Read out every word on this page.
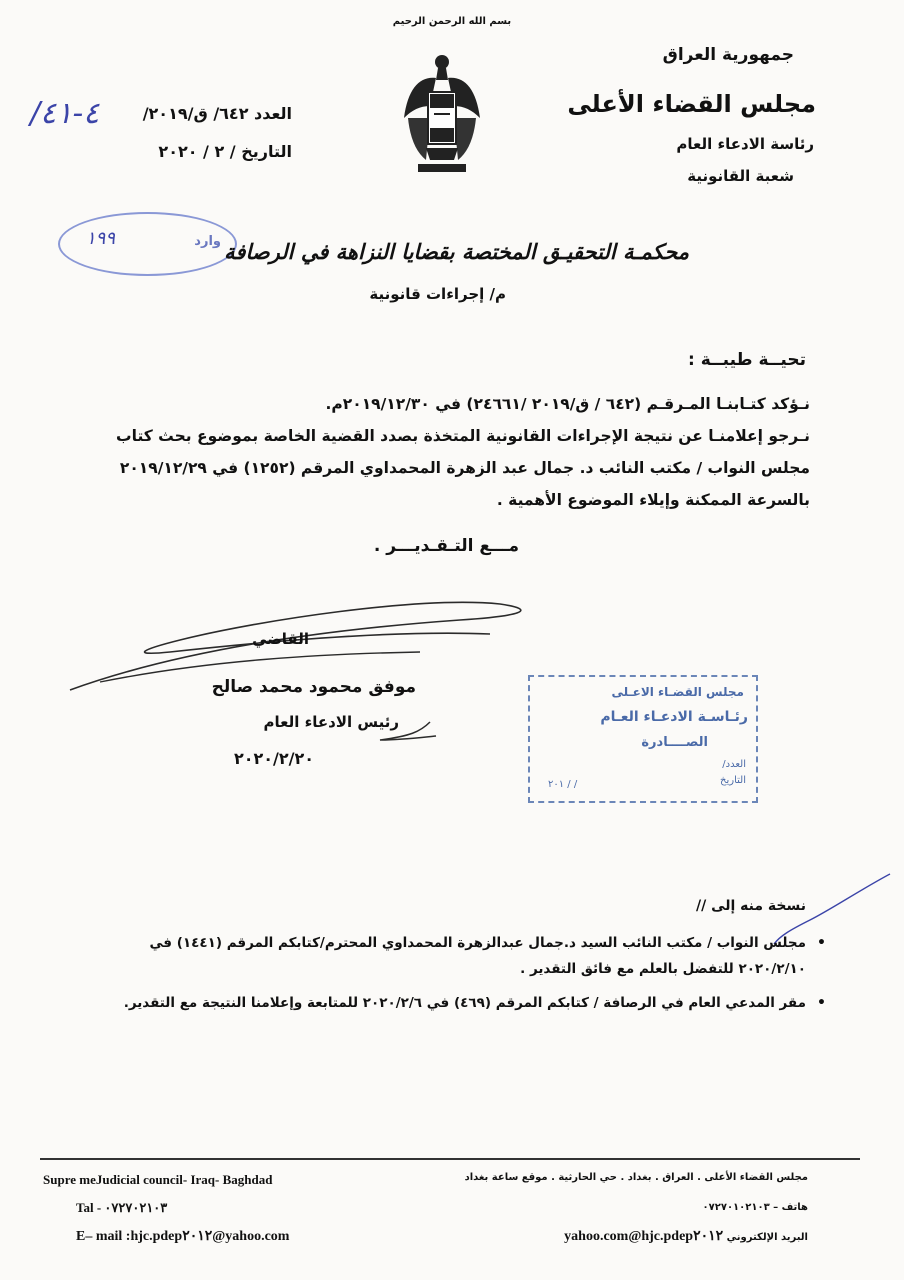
بسم الله الرحمن الرحيم
جمهورية العراق
مجلس القضاء الأعلى
رئاسة الادعاء العام
شعبة القانونية
العدد ٦٤٢/ ق/٢٠١٩/
التاريخ / ٢ / ٢٠٢٠
٤-٤١/
وارد
١٩٩
محكمـة التحقيـق المختصة بقضايا النزاهة في الرصافة
م/ إجراءات قانونية
تحيــة طيبــة :
نـؤكد كتـابنـا المـرقـم (٦٤٢ / ق/٢٠١٩ /٢٤٦٦١) في ٢٠١٩/١٢/٣٠م.
نـرجو إعلامنـا عن نتيجة الإجراءات القانونية المتخذة بصدد القضية الخاصة بموضوع بحث كتاب
مجلس النواب / مكتب النائب د. جمال عبد الزهرة المحمداوي المرقم (١٢٥٢) في ٢٠١٩/١٢/٢٩
بالسرعة الممكنة وإيلاء الموضوع الأهمية .
مـــع التـقـديـــر .
القاضي
موفق محمود محمد صالح
رئيس الادعاء العام
٢٠٢٠/٢/٢٠
مجلس القضـاء الاعـلى
رئـاسـة الادعـاء العـام
الصــــادرة
العدد/
التاريخ
/ / ٢٠١
نسخة منه إلى //
• مجلس النواب / مكتب النائب السيد د.جمال عبدالزهرة المحمداوي المحترم/كتابكم المرقم (١٤٤١) في ٢٠٢٠/٢/١٠ للتفضل بالعلم مع فائق التقدير .
• مقر المدعي العام في الرصافة / كتابكم المرقم (٤٦٩) في ٢٠٢٠/٢/٦ للمتابعة وإعلامنا النتيجة مع التقدير.
Supre meJudicial council- Iraq- Baghdad
Tal - ٠٧٢٧٠٢١٠٣
E– mail :hjc.pdep٢٠١٢@yahoo.com
مجلس القضاء الأعلى . العراق . بغداد . حي الحارثية . موقع ساعة بغداد
هاتف – ٠٧٢٧٠١٠٢١٠٣
البريد الإلكتروني hjc.pdep٢٠١٢@yahoo.com
